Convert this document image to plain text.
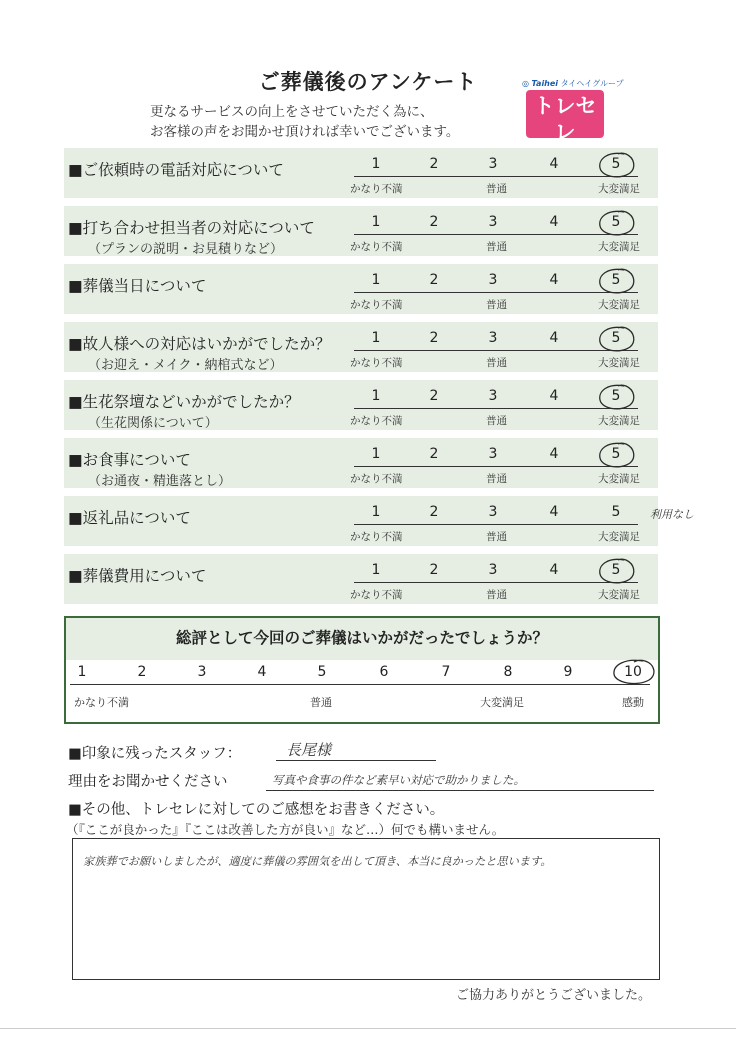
ご葬儀後のアンケート
更なるサービスの向上をさせていただく為に、
お客様の声をお聞かせ頂ければ幸いでございます。
◎ Taihei タイヘイグループ
トレセレ
■ご依頼時の電話対応について	1	2	3	4	5
かなり不満	普通	大変満足
■打ち合わせ担当者の対応について
（プランの説明・お見積りなど）
1	2	3	4	5
かなり不満	普通	大変満足
■葬儀当日について	1	2	3	4	5
かなり不満	普通	大変満足
■故人様への対応はいかがでしたか？
（お迎え・メイク・納棺式など）
1	2	3	4	5
かなり不満	普通	大変満足
■生花祭壇などいかがでしたか？
（生花関係について）
1	2	3	4	5
かなり不満	普通	大変満足
■お食事について
（お通夜・精進落とし）
1	2	3	4	5
かなり不満	普通	大変満足
■返礼品について	1	2	3	4	5
かなり不満	普通	大変満足
利用なし
■葬儀費用について	1	2	3	4	5
かなり不満	普通	大変満足
総評として今回のご葬儀はいかがだったでしょうか？
1	2	3	4	5	6	7	8	9	10
かなり不満	普通	大変満足	感動
■印象に残ったスタッフ：	長尾様
理由をお聞かせください	写真や食事の件など素早い対応で助かりました。
■その他、トレセレに対してのご感想をお書きください。
（『ここが良かった』『ここは改善した方が良い』など…）何でも構いません。
家族葬でお願いしましたが、適度に葬儀の雰囲気を出して頂き、本当に良かったと思います。
ご協力ありがとうございました。
